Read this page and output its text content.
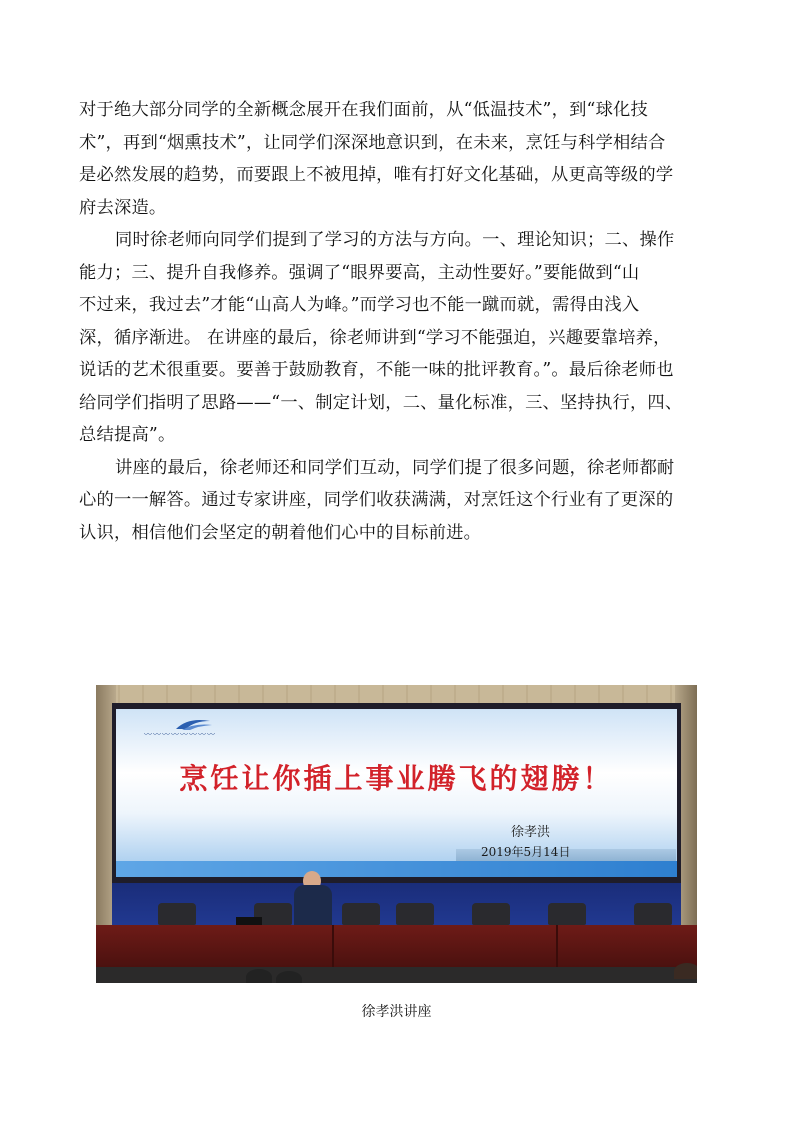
对于绝大部分同学的全新概念展开在我们面前，从“低温技术”，到“球化技
术”，再到“烟熏技术”，让同学们深深地意识到，在未来，烹饪与科学相结合
是必然发展的趋势，而要跟上不被甩掉，唯有打好文化基础，从更高等级的学
府去深造。
同时徐老师向同学们提到了学习的方法与方向。一、理论知识；二、操作
能力；三、提升自我修养。强调了“眼界要高，主动性要好。”要能做到“山
不过来，我过去”才能“山高人为峰。”而学习也不能一蹴而就，需得由浅入
深，循序渐进。 在讲座的最后，徐老师讲到“学习不能强迫，兴趣要靠培养，
说话的艺术很重要。要善于鼓励教育，不能一味的批评教育。”。最后徐老师也
给同学们指明了思路——“一、制定计划，二、量化标准，三、坚持执行，四、
总结提高”。
讲座的最后，徐老师还和同学们互动，同学们提了很多问题，徐老师都耐
心的一一解答。通过专家讲座，同学们收获满满，对烹饪这个行业有了更深的
认识，相信他们会坚定的朝着他们心中的目标前进。
〰〰〰〰〰〰〰〰
烹饪让你插上事业腾飞的翅膀！
徐孝洪
2019年5月14日
徐孝洪讲座
